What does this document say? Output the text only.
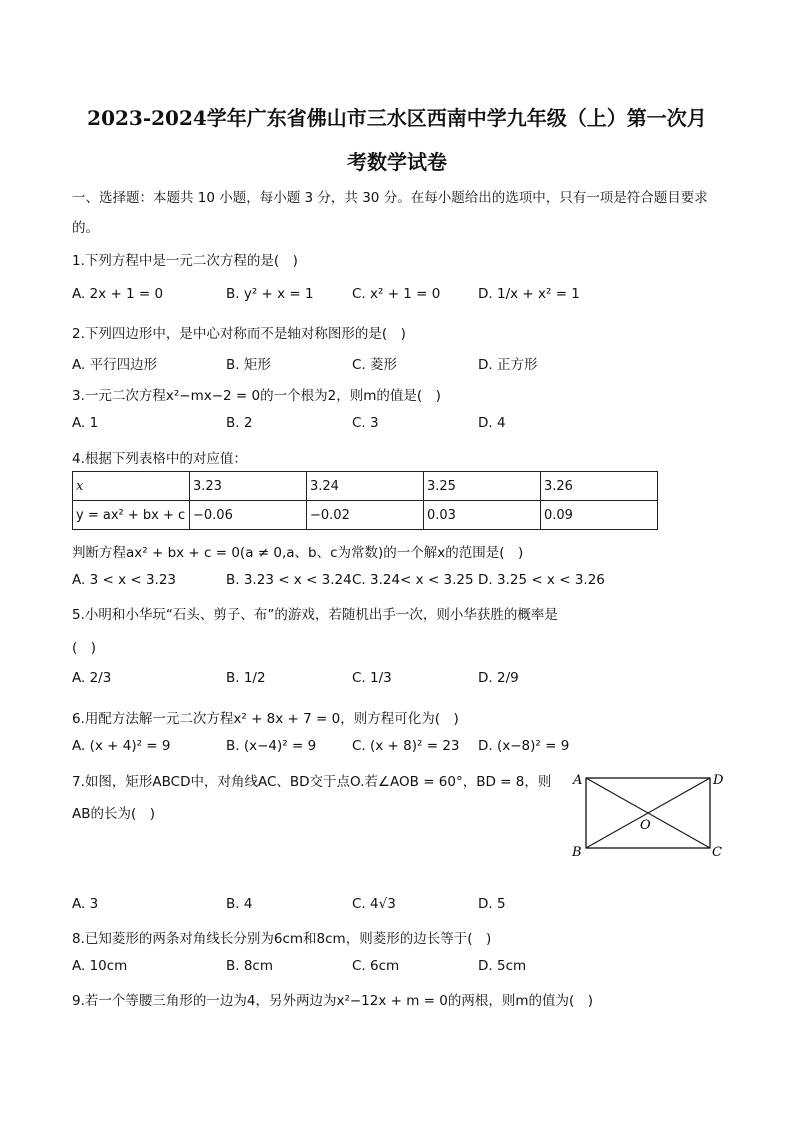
2023-2024学年广东省佛山市三水区西南中学九年级（上）第一次月
考数学试卷
一、选择题：本题共 10 小题，每小题 3 分，共 30 分。在每小题给出的选项中，只有一项是符合题目要求
的。
1.下列方程中是一元二次方程的是(　)
A. 2x + 1 = 0	B. y² + x = 1	C. x² + 1 = 0	D. 1/x + x² = 1
2.下列四边形中，是中心对称而不是轴对称图形的是(　)
A. 平行四边形	B. 矩形	C. 菱形	D. 正方形
3.一元二次方程x²−mx−2 = 0的一个根为2，则m的值是(　)
A. 1	B. 2	C. 3	D. 4
4.根据下列表格中的对应值：
x	3.23	3.24	3.25	3.26
y = ax² + bx + c	−0.06	−0.02	0.03	0.09
判断方程ax² + bx + c = 0(a ≠ 0,a、b、c为常数)的一个解x的范围是(　)
A. 3 < x < 3.23	B. 3.23 < x < 3.24 C. 3.24< x < 3.25 D. 3.25 < x < 3.26
5.小明和小华玩“石头、剪子、布”的游戏，若随机出手一次，则小华获胜的概率是
(　)
A. 2/3	B. 1/2	C. 1/3	D. 2/9
6.用配方法解一元二次方程x² + 8x + 7 = 0，则方程可化为(　)
A. (x + 4)² = 9	B. (x−4)² = 9	C. (x + 8)² = 23 D. (x−8)² = 9
7.如图，矩形ABCD中，对角线AC、BD交于点O.若∠AOB = 60°，BD = 8，则
AB的长为(　)
A	D
B	C
O
A. 3	B. 4	C. 4√3	D. 5
8.已知菱形的两条对角线长分别为6cm和8cm，则菱形的边长等于(　)
A. 10cm	B. 8cm	C. 6cm	D. 5cm
9.若一个等腰三角形的一边为4，另外两边为x²−12x + m = 0的两根，则m的值为(　)
